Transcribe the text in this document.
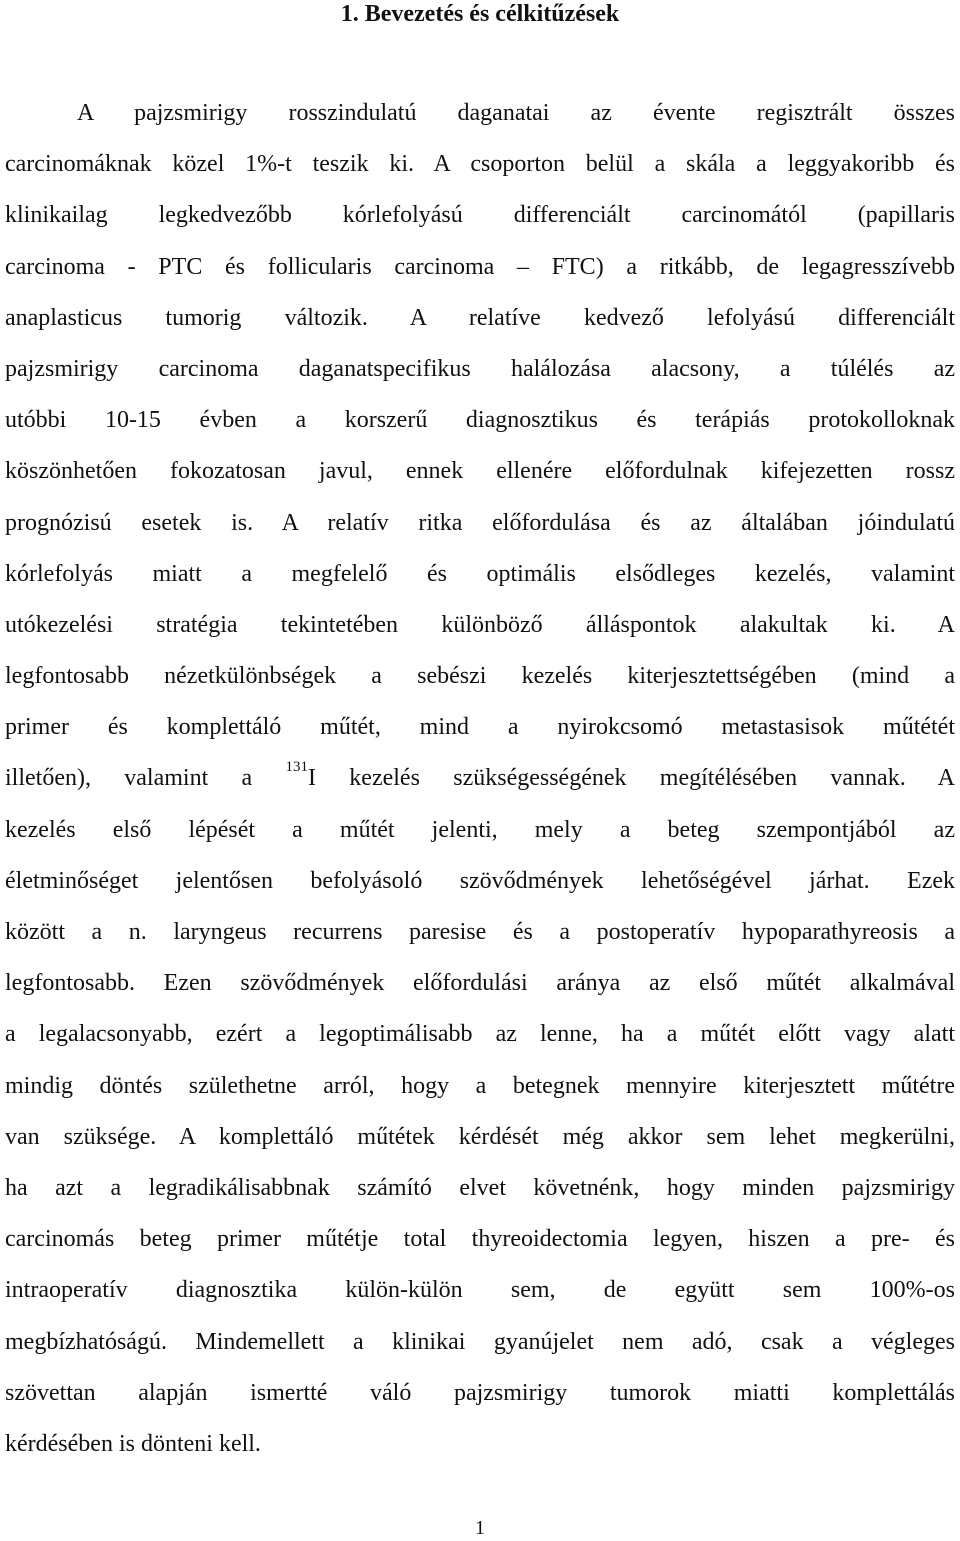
1. Bevezetés és célkitűzések
A pajzsmirigy rosszindulatú daganatai az évente regisztrált összes
carcinomáknak közel 1%-t teszik ki. A csoporton belül a skála a leggyakoribb és
klinikailag legkedvezőbb kórlefolyású differenciált carcinomától (papillaris
carcinoma - PTC és follicularis carcinoma – FTC) a ritkább, de legagresszívebb
anaplasticus tumorig változik. A relatíve kedvező lefolyású differenciált
pajzsmirigy carcinoma daganatspecifikus halálozása alacsony, a túlélés az
utóbbi 10-15 évben a korszerű diagnosztikus és terápiás protokolloknak
köszönhetően fokozatosan javul, ennek ellenére előfordulnak kifejezetten rossz
prognózisú esetek is. A relatív ritka előfordulása és az általában jóindulatú
kórlefolyás miatt a megfelelő és optimális elsődleges kezelés, valamint
utókezelési stratégia tekintetében különböző álláspontok alakultak ki. A
legfontosabb nézetkülönbségek a sebészi kezelés kiterjesztettségében (mind a
primer és komplettáló műtét, mind a nyirokcsomó metastasisok műtétét
illetően), valamint a $^{131}$I kezelés szükségességének megítélésében vannak. A
kezelés első lépését a műtét jelenti, mely a beteg szempontjából az
életminőséget jelentősen befolyásoló szövődmények lehetőségével járhat. Ezek
között a n. laryngeus recurrens paresise és a postoperatív hypoparathyreosis a
legfontosabb. Ezen szövődmények előfordulási aránya az első műtét alkalmával
a legalacsonyabb, ezért a legoptimálisabb az lenne, ha a műtét előtt vagy alatt
mindig döntés születhetne arról, hogy a betegnek mennyire kiterjesztett műtétre
van szüksége. A komplettáló műtétek kérdését még akkor sem lehet megkerülni,
ha azt a legradikálisabbnak számító elvet követnénk, hogy minden pajzsmirigy
carcinomás beteg primer műtétje total thyreoidectomia legyen, hiszen a pre- és
intraoperatív diagnosztika külön-külön sem, de együtt sem 100%-os
megbízhatóságú. Mindemellett a klinikai gyanújelet nem adó, csak a végleges
szövettan alapján ismertté váló pajzsmirigy tumorok miatti komplettálás
kérdésében is dönteni kell.
1
